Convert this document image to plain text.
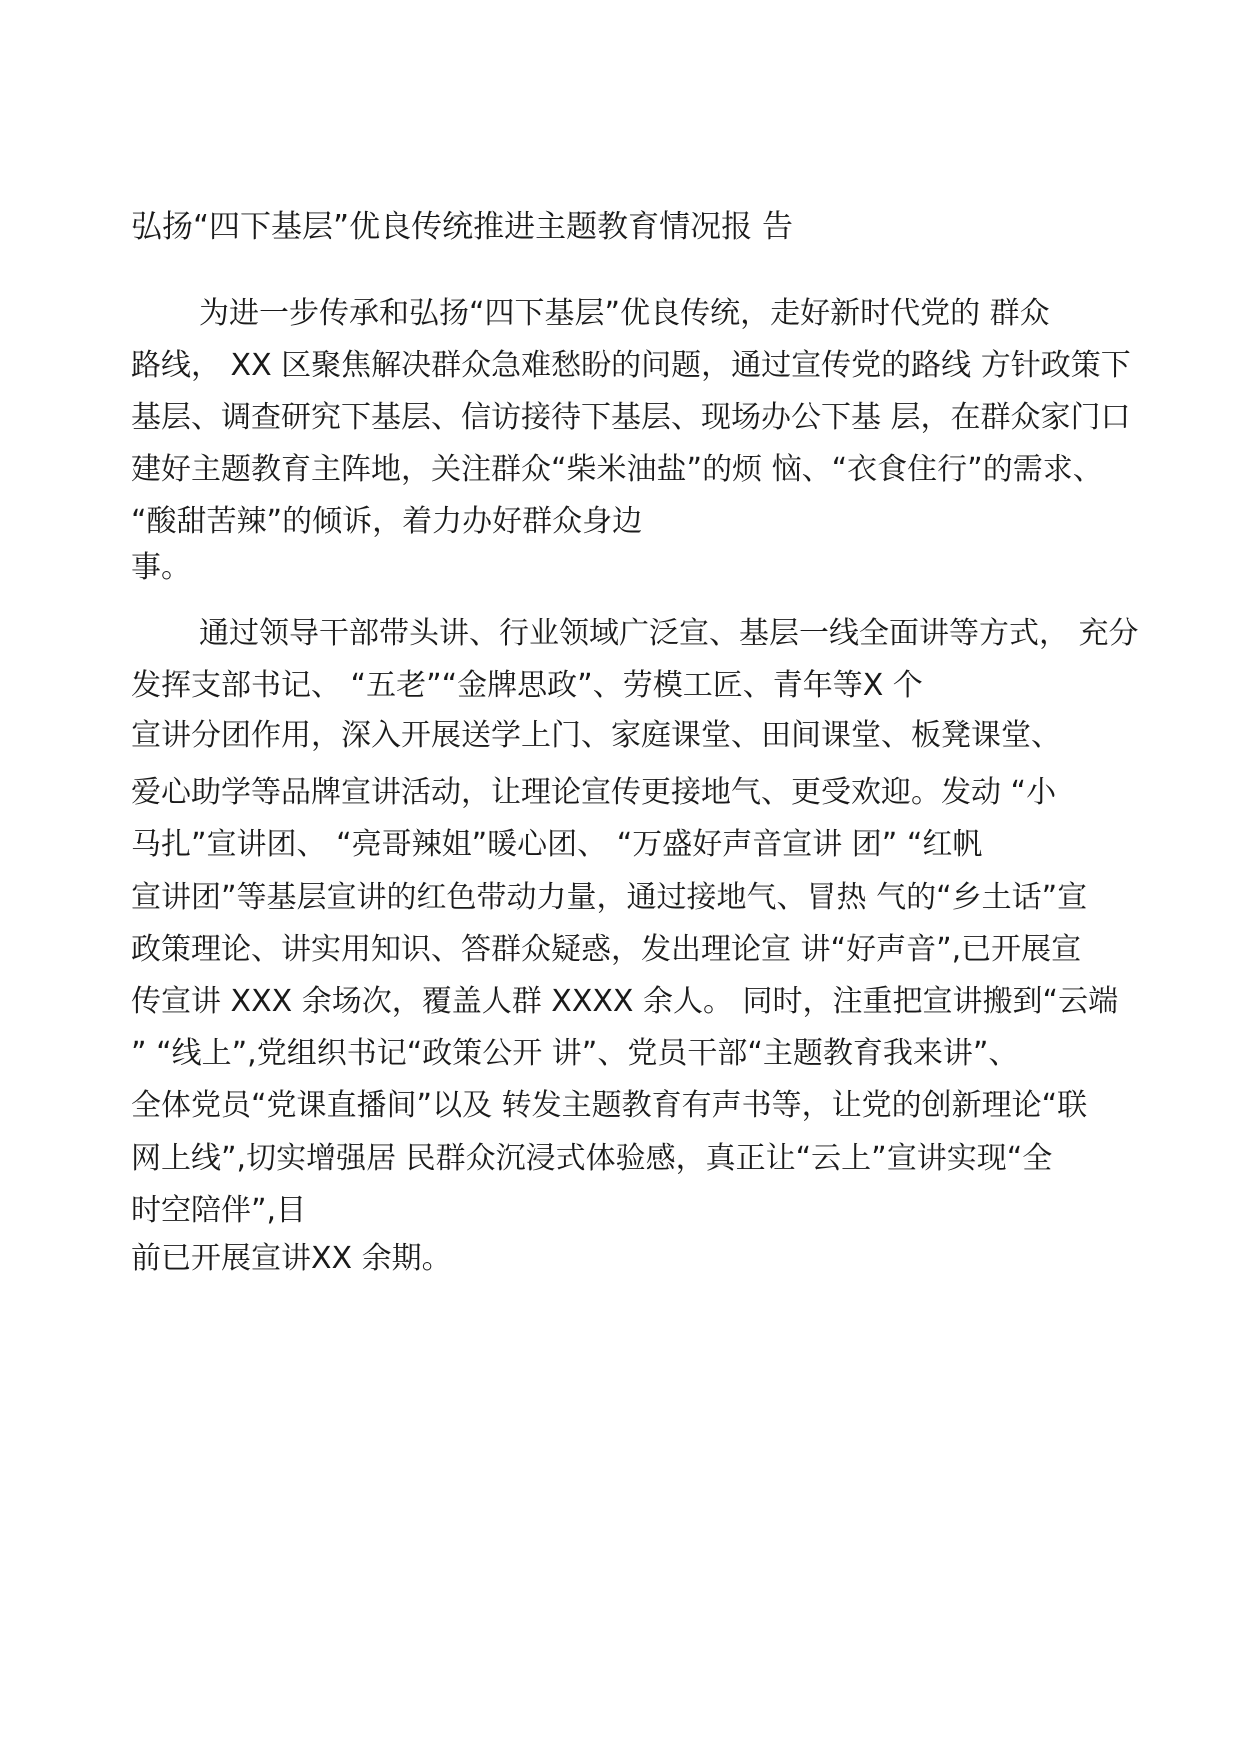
弘扬“四下基层”优良传统推进主题教育情况报 告
为进一步传承和弘扬“四下基层”优良传统，走好新时代党的 群众
路线， XX 区聚焦解决群众急难愁盼的问题，通过宣传党的路线 方针政策下
基层、调查研究下基层、信访接待下基层、现场办公下基 层，在群众家门口
建好主题教育主阵地，关注群众“柴米油盐”的烦 恼、“衣食住行”的需求、
“酸甜苦辣”的倾诉，着力办好群众身边
事。
通过领导干部带头讲、行业领域广泛宣、基层一线全面讲等方式， 充分
发挥支部书记、 “五老”“金牌思政”、劳模工匠、青年等X 个
宣讲分团作用，深入开展送学上门、家庭课堂、田间课堂、板凳课堂、
爱心助学等品牌宣讲活动，让理论宣传更接地气、更受欢迎。发动 “小
马扎”宣讲团、 “亮哥辣姐”暖心团、 “万盛好声音宣讲 团” “红帆
宣讲团”等基层宣讲的红色带动力量，通过接地气、冒热 气的“乡土话”宣
政策理论、讲实用知识、答群众疑惑，发出理论宣 讲“好声音”,已开展宣
传宣讲 XXX 余场次，覆盖人群 XXXX 余人。 同时，注重把宣讲搬到“云端
” “线上”,党组织书记“政策公开 讲”、党员干部“主题教育我来讲”、
全体党员“党课直播间”以及 转发主题教育有声书等，让党的创新理论“联
网上线”,切实增强居 民群众沉浸式体验感，真正让“云上”宣讲实现“全
时空陪伴”,目
前已开展宣讲XX 余期。
